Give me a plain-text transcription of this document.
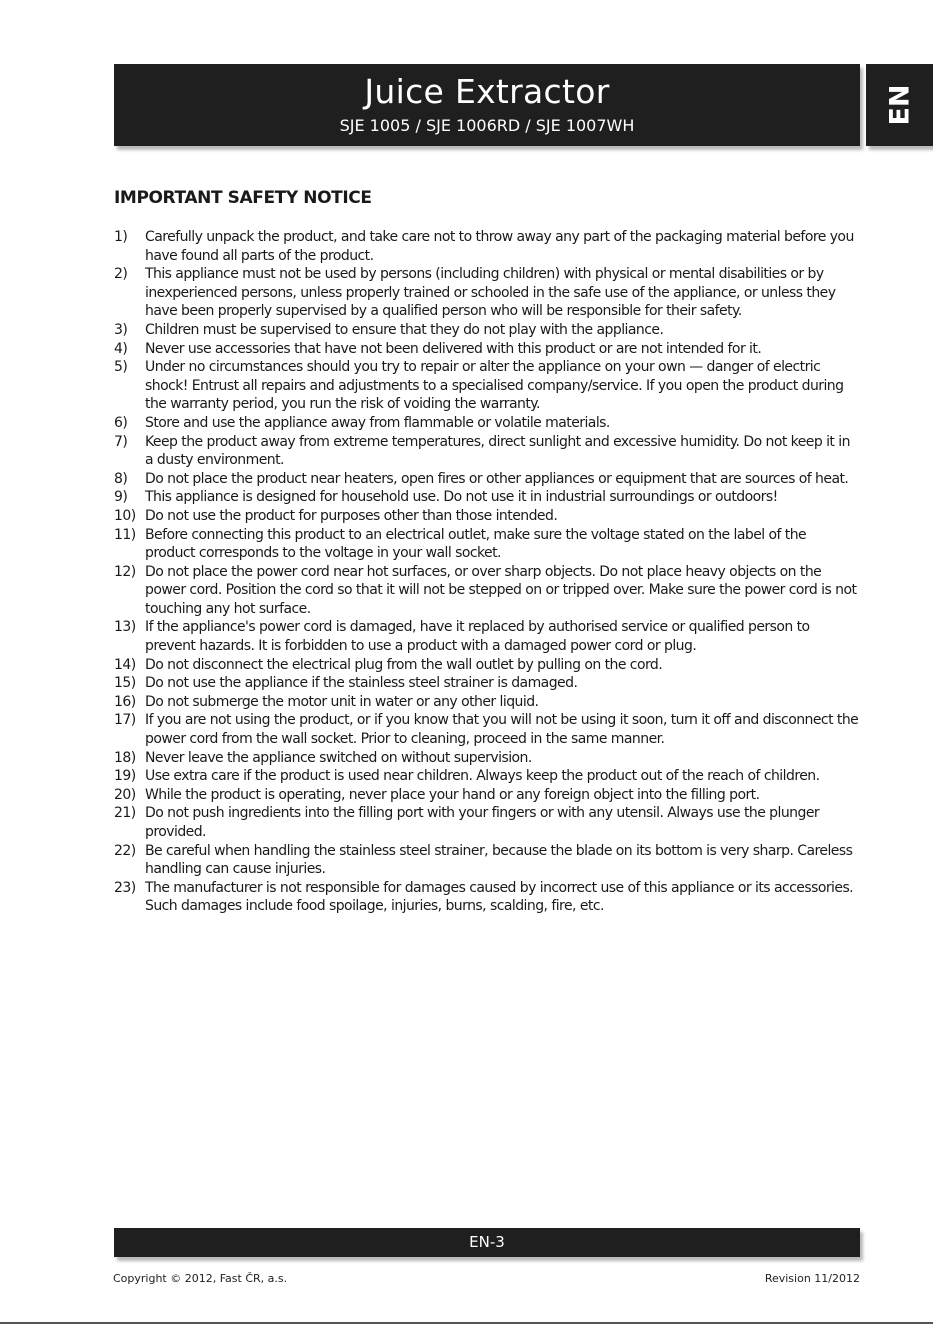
Juice Extractor
SJE 1005 / SJE 1006RD / SJE 1007WH	EN
IMPORTANT SAFETY NOTICE
1) Carefully unpack the product, and take care not to throw away any part of the packaging material before you have found all parts of the product.
2) This appliance must not be used by persons (including children) with physical or mental disabilities or by inexperienced persons, unless properly trained or schooled in the safe use of the appliance, or unless they have been properly supervised by a qualified person who will be responsible for their safety.
3) Children must be supervised to ensure that they do not play with the appliance.
4) Never use accessories that have not been delivered with this product or are not intended for it.
5) Under no circumstances should you try to repair or alter the appliance on your own — danger of electric shock! Entrust all repairs and adjustments to a specialised company/service. If you open the product during the warranty period, you run the risk of voiding the warranty.
6) Store and use the appliance away from flammable or volatile materials.
7) Keep the product away from extreme temperatures, direct sunlight and excessive humidity. Do not keep it in a dusty environment.
8) Do not place the product near heaters, open fires or other appliances or equipment that are sources of heat.
9) This appliance is designed for household use. Do not use it in industrial surroundings or outdoors!
10) Do not use the product for purposes other than those intended.
11) Before connecting this product to an electrical outlet, make sure the voltage stated on the label of the product corresponds to the voltage in your wall socket.
12) Do not place the power cord near hot surfaces, or over sharp objects. Do not place heavy objects on the power cord. Position the cord so that it will not be stepped on or tripped over. Make sure the power cord is not touching any hot surface.
13) If the appliance's power cord is damaged, have it replaced by authorised service or qualified person to prevent hazards. It is forbidden to use a product with a damaged power cord or plug.
14) Do not disconnect the electrical plug from the wall outlet by pulling on the cord.
15) Do not use the appliance if the stainless steel strainer is damaged.
16) Do not submerge the motor unit in water or any other liquid.
17) If you are not using the product, or if you know that you will not be using it soon, turn it off and disconnect the power cord from the wall socket. Prior to cleaning, proceed in the same manner.
18) Never leave the appliance switched on without supervision.
19) Use extra care if the product is used near children. Always keep the product out of the reach of children.
20) While the product is operating, never place your hand or any foreign object into the filling port.
21) Do not push ingredients into the filling port with your fingers or with any utensil. Always use the plunger provided.
22) Be careful when handling the stainless steel strainer, because the blade on its bottom is very sharp. Careless handling can cause injuries.
23) The manufacturer is not responsible for damages caused by incorrect use of this appliance or its accessories. Such damages include food spoilage, injuries, burns, scalding, fire, etc.
EN-3
Copyright © 2012, Fast ČR, a.s.	Revision 11/2012
